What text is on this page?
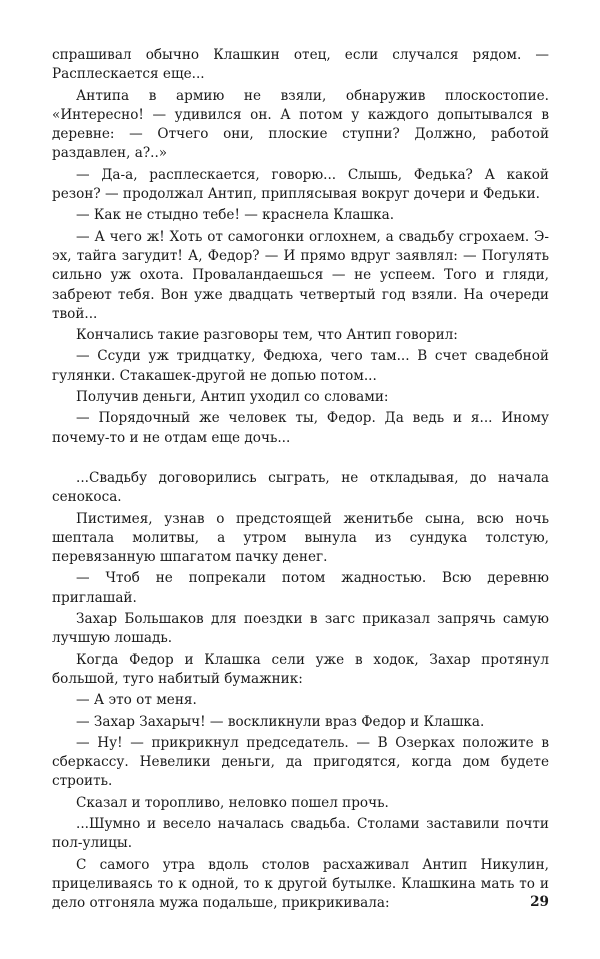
спрашивал обычно Клашкин отец, если случался рядом. — Расплескается еще...

Антипа в армию не взяли, обнаружив плоскостопие. «Интересно! — удивился он. А потом у каждого допытывался в деревне: — Отчего они, плоские ступни? Должно, работой раздавлен, а?..»

— Да-а, расплескается, говорю... Слышь, Федька? А какой резон? — продолжал Антип, приплясывая вокруг дочери и Федьки.

— Как не стыдно тебе! — краснела Клашка.

— А чего ж! Хоть от самогонки оглохнем, а свадьбу сгрохаем. Э-эх, тайга загудит! А, Федор? — И прямо вдруг заявлял: — Погулять сильно уж охота. Проваландаешься — не успеем. Того и гляди, забреют тебя. Вон уже двадцать четвертый год взяли. На очереди твой...

Кончались такие разговоры тем, что Антип говорил:

— Ссуди уж тридцатку, Федюха, чего там... В счет свадебной гулянки. Стакашек-другой не допью потом...

Получив деньги, Антип уходил со словами:

— Порядочный же человек ты, Федор. Да ведь и я... Иному почему-то и не отдам еще дочь...

...Свадьбу договорились сыграть, не откладывая, до начала сенокоса.

Пистимея, узнав о предстоящей женитьбе сына, всю ночь шептала молитвы, а утром вынула из сундука толстую, перевязанную шпагатом пачку денег.

— Чтоб не попрекали потом жадностью. Всю деревню приглашай.

Захар Большаков для поездки в загс приказал запрячь самую лучшую лошадь.

Когда Федор и Клашка сели уже в ходок, Захар протянул большой, туго набитый бумажник:

— А это от меня.

— Захар Захарыч! — воскликнули враз Федор и Клашка.

— Ну! — прикрикнул председатель. — В Озерках положите в сберкассу. Невелики деньги, да пригодятся, когда дом будете строить.

Сказал и торопливо, неловко пошел прочь.

...Шумно и весело началась свадьба. Столами заставили почти пол-улицы.

С самого утра вдоль столов расхаживал Антип Никулин, прицеливаясь то к одной, то к другой бутылке. Клашкина мать то и дело отгоняла мужа подальше, прикрикивала:	29
